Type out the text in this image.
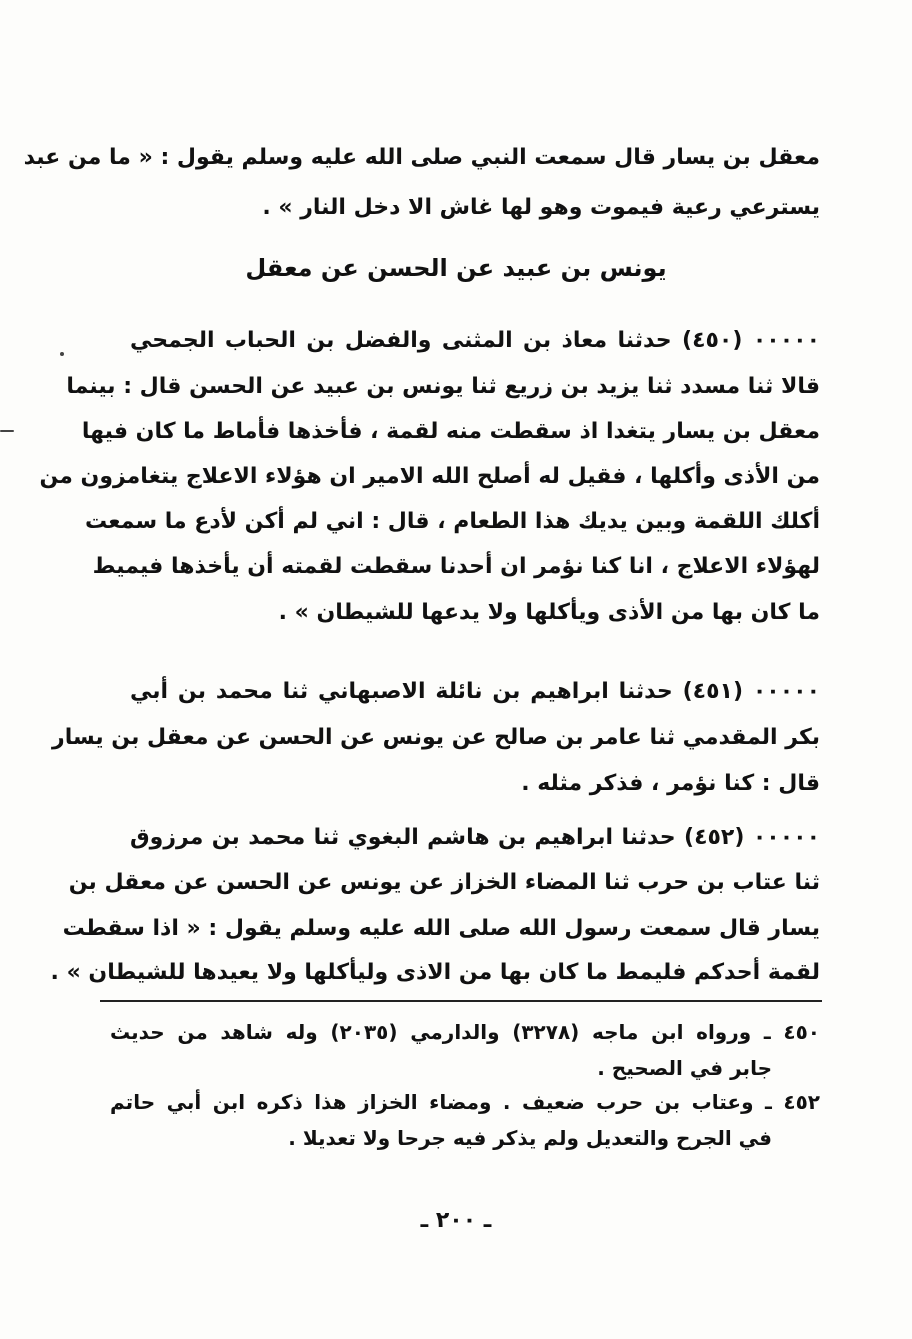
معقل بن يسار قال سمعت النبي صلى الله عليه وسلم يقول : « ما من عبد
يسترعي رعية فيموت وهو لها غاش الا دخل النار » .
يونس بن عبيد عن الحسن عن معقل
٠٠٠٠٠ (٤٥٠) حدثنا معاذ بن المثنى والفضل بن الحباب الجمحي
قالا ثنا مسدد ثنا يزيد بن زريع ثنا يونس بن عبيد عن الحسن قال : بينما
معقل بن يسار يتغدا اذ سقطت منه لقمة ، فأخذها فأماط ما كان فيها
من الأذى وأكلها ، فقيل له أصلح الله الامير ان هؤلاء الاعلاج يتغامزون من
أكلك اللقمة وبين يديك هذا الطعام ، قال : اني لم أكن لأدع ما سمعت
لهؤلاء الاعلاج ، انا كنا نؤمر ان أحدنا سقطت لقمته أن يأخذها فيميط
ما كان بها من الأذى ويأكلها ولا يدعها للشيطان » .
٠٠٠٠٠ (٤٥١) حدثنا ابراهيم بن نائلة الاصبهاني ثنا محمد بن أبي
بكر المقدمي ثنا عامر بن صالح عن يونس عن الحسن عن معقل بن يسار
قال : كنا نؤمر ، فذكر مثله .
٠٠٠٠٠ (٤٥٢) حدثنا ابراهيم بن هاشم البغوي ثنا محمد بن مرزوق
ثنا عتاب بن حرب ثنا المضاء الخزاز عن يونس عن الحسن عن معقل بن
يسار قال سمعت رسول الله صلى الله عليه وسلم يقول : « اذا سقطت
لقمة أحدكم فليمط ما كان بها من الاذى وليأكلها ولا يعيدها للشيطان » .
٤٥٠ ـ ورواه ابن ماجه (٣٢٧٨) والدارمي (٢٠٣٥) وله شاهد من حديث
جابر في الصحيح .
٤٥٢ ـ وعتاب بن حرب ضعيف . ومضاء الخزاز هذا ذكره ابن أبي حاتم
في الجرح والتعديل ولم يذكر فيه جرحا ولا تعديلا .
ـ ٢٠٠ ـ
